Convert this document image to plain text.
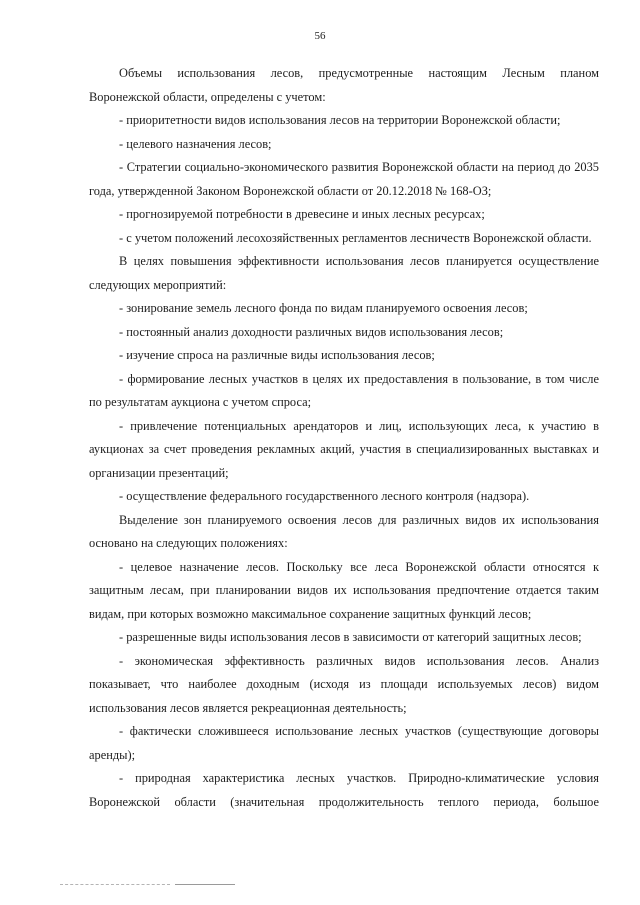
56

Объемы использования лесов, предусмотренные настоящим Лесным планом Воронежской области, определены с учетом:

- приоритетности видов использования лесов на территории Воронежской области;

- целевого назначения лесов;

- Стратегии социально-экономического развития Воронежской области на период до 2035 года, утвержденной Законом Воронежской области от 20.12.2018 № 168-ОЗ;

- прогнозируемой потребности в древесине и иных лесных ресурсах;

- с учетом положений лесохозяйственных регламентов лесничеств Воронежской области.

В целях повышения эффективности использования лесов планируется осуществление следующих мероприятий:

- зонирование земель лесного фонда по видам планируемого освоения лесов;

- постоянный анализ доходности различных видов использования лесов;

- изучение спроса на различные виды использования лесов;

- формирование лесных участков в целях их предоставления в пользование, в том числе по результатам аукциона с учетом спроса;

- привлечение потенциальных арендаторов и лиц, использующих леса, к участию в аукционах за счет проведения рекламных акций, участия в специализированных выставках и организации презентаций;

- осуществление федерального государственного лесного контроля (надзора).

Выделение зон планируемого освоения лесов для различных видов их использования основано на следующих положениях:

- целевое назначение лесов. Поскольку все леса Воронежской области относятся к защитным лесам, при планировании видов их использования предпочтение отдается таким видам, при которых возможно максимальное сохранение защитных функций лесов;

- разрешенные виды использования лесов в зависимости от категорий защитных лесов;

- экономическая эффективность различных видов использования лесов. Анализ показывает, что наиболее доходным (исходя из площади используемых лесов) видом использования лесов является рекреационная деятельность;

- фактически сложившееся использование лесных участков (существующие договоры аренды);

- природная характеристика лесных участков. Природно-климатические условия Воронежской области (значительная продолжительность теплого периода, большое
